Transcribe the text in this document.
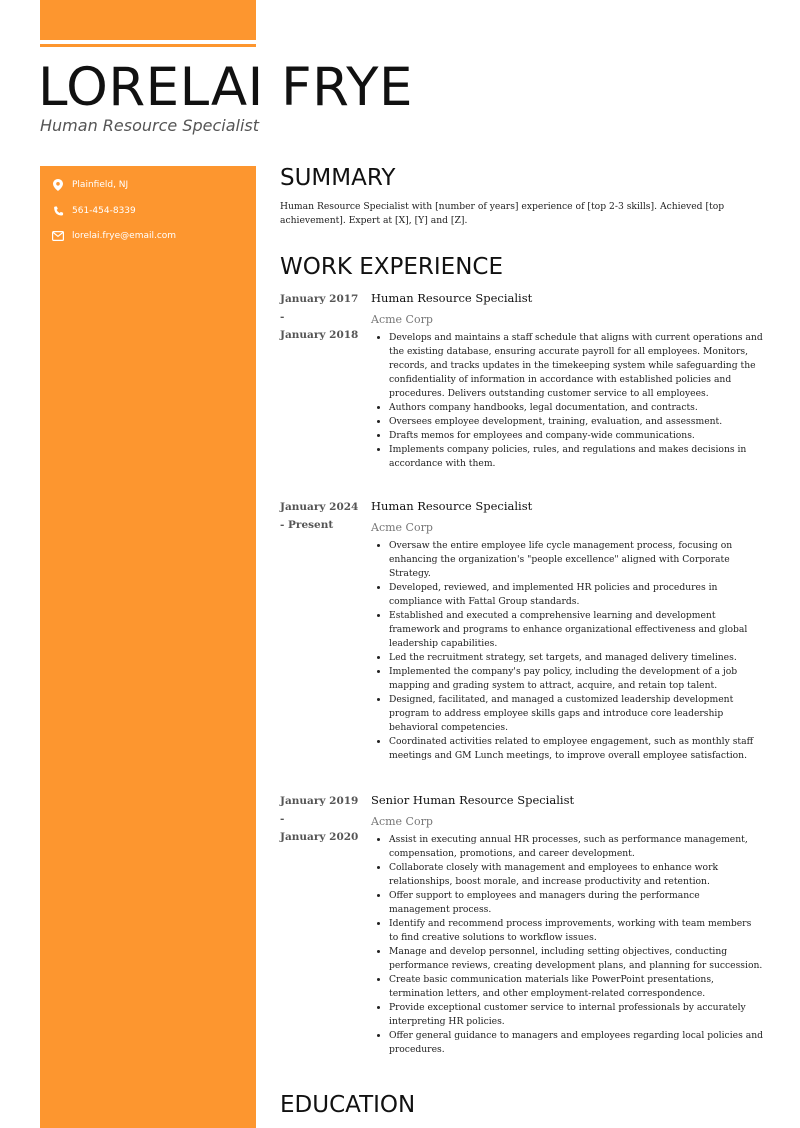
LORELAI FRYE
Human Resource Specialist
Plainfield, NJ
561-454-8339
lorelai.frye@email.com
SUMMARY

Human Resource Specialist with [number of years] experience of [top 2-3 skills]. Achieved [top achievement]. Expert at [X], [Y] and [Z].

WORK EXPERIENCE
January 2017
-
January 2018

Human Resource Specialist

Acme Corp

• Develops and maintains a staff schedule that aligns with current operations and the existing database, ensuring accurate payroll for all employees. Monitors, records, and tracks updates in the timekeeping system while safeguarding the confidentiality of information in accordance with established policies and procedures. Delivers outstanding customer service to all employees.
• Authors company handbooks, legal documentation, and contracts.
• Oversees employee development, training, evaluation, and assessment.
• Drafts memos for employees and company-wide communications.
• Implements company policies, rules, and regulations and makes decisions in accordance with them.
January 2024
- Present

Human Resource Specialist

Acme Corp

• Oversaw the entire employee life cycle management process, focusing on enhancing the organization's "people excellence" aligned with Corporate Strategy.
• Developed, reviewed, and implemented HR policies and procedures in compliance with Fattal Group standards.
• Established and executed a comprehensive learning and development framework and programs to enhance organizational effectiveness and global leadership capabilities.
• Led the recruitment strategy, set targets, and managed delivery timelines.
• Implemented the company's pay policy, including the development of a job mapping and grading system to attract, acquire, and retain top talent.
• Designed, facilitated, and managed a customized leadership development program to address employee skills gaps and introduce core leadership behavioral competencies.
• Coordinated activities related to employee engagement, such as monthly staff meetings and GM Lunch meetings, to improve overall employee satisfaction.
January 2019
-
January 2020

Senior Human Resource Specialist

Acme Corp

• Assist in executing annual HR processes, such as performance management, compensation, promotions, and career development.
• Collaborate closely with management and employees to enhance work relationships, boost morale, and increase productivity and retention.
• Offer support to employees and managers during the performance management process.
• Identify and recommend process improvements, working with team members to find creative solutions to workflow issues.
• Manage and develop personnel, including setting objectives, conducting performance reviews, creating development plans, and planning for succession.
• Create basic communication materials like PowerPoint presentations, termination letters, and other employment-related correspondence.
• Provide exceptional customer service to internal professionals by accurately interpreting HR policies.
• Offer general guidance to managers and employees regarding local policies and procedures.
EDUCATION
